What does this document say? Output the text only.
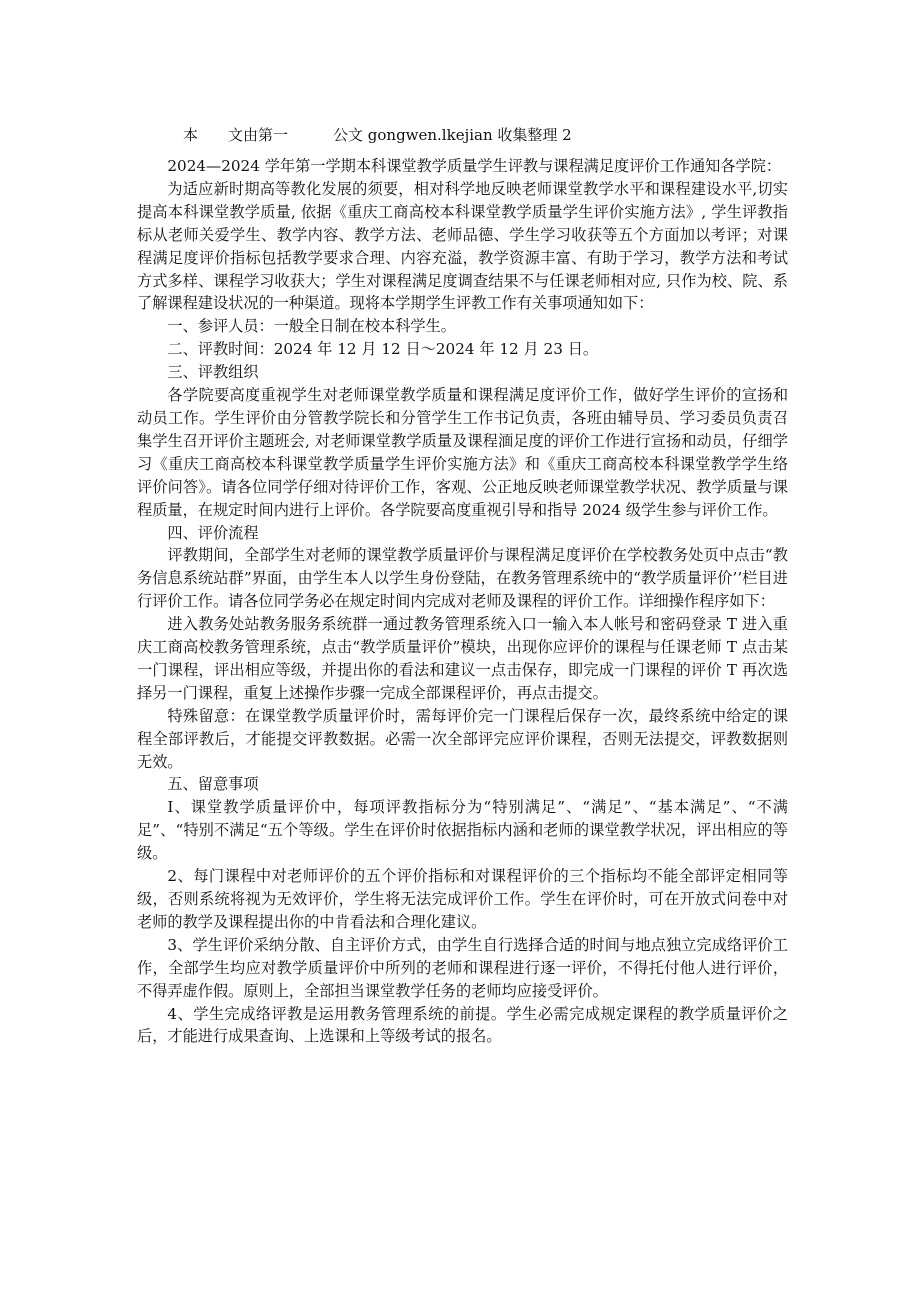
本　　文由第一　　　公文 gongwen.lkejian 收集整理 2

2024—2024 学年第一学期本科课堂教学质量学生评教与课程满足度评价工作通知各学院：

为适应新时期高等教化发展的须要，相对科学地反映老师课堂教学水平和课程建设水平,切实提高本科课堂教学质量, 依据《重庆工商高校本科课堂教学质量学生评价实施方法》, 学生评教指标从老师关爱学生、教学内容、教学方法、老师品德、学生学习收获等五个方面加以考评；对课程满足度评价指标包括教学要求合理、内容充溢，教学资源丰富、有助于学习，教学方法和考试方式多样、课程学习收获大；学生对课程满足度调查结果不与任课老师相对应, 只作为校、院、系了解课程建设状况的一种渠道。现将本学期学生评教工作有关事项通知如下：

一、参评人员：一般全日制在校本科学生。

二、评教时间：2024 年 12 月 12 日～2024 年 12 月 23 日。

三、评教组织

各学院要高度重视学生对老师课堂教学质量和课程满足度评价工作，做好学生评价的宣扬和动员工作。学生评价由分管教学院长和分管学生工作书记负责，各班由辅导员、学习委员负责召集学生召开评价主题班会, 对老师课堂教学质量及课程湎足度的评价工作进行宣扬和动员，仔细学习《重庆工商高校本科课堂教学质量学生评价实施方法》和《重庆工商高校本科课堂教学学生络评价问答》。请各位同学仔细对待评价工作，客观、公正地反映老师课堂教学状况、教学质量与课程质量，在规定时间内进行上评价。各学院要高度重视引导和指导 2024 级学生参与评价工作。

四、评价流程

评教期间，全部学生对老师的课堂教学质量评价与课程满足度评价在学校教务处页中点击“教务信息系统站群”界面，由学生本人以学生身份登陆，在教务管理系统中的“教学质量评价’’栏目进行评价工作。请各位同学务必在规定时间内完成对老师及课程的评价工作。详细操作程序如下：

进入教务处站教务服务系统群一通过教务管理系统入口一输入本人帐号和密码登录 T 进入重庆工商高校教务管理系统，点击“教学质量评价”模块，出现你应评价的课程与任课老师 T 点击某一门课程，评出相应等级，并提出你的看法和建议一点击保存，即完成一门课程的评价 T 再次选择另一门课程，重复上述操作步骤一完成全部课程评价，再点击提交。

特殊留意：在课堂教学质量评价时，需每评价完一门课程后保存一次，最终系统中给定的课程全部评教后，才能提交评教数据。必需一次全部评完应评价课程，否则无法提交，评教数据则无效。

五、留意事项

I、课堂教学质量评价中，每项评教指标分为“特别满足”、“满足”、“基本满足”、“不满足”、“特别不满足“五个等级。学生在评价时依据指标内涵和老师的课堂教学状况，评出相应的等级。

2、每门课程中对老师评价的五个评价指标和对课程评价的三个指标均不能全部评定相同等级，否则系统将视为无效评价，学生将无法完成评价工作。学生在评价时，可在开放式问卷中对老师的教学及课程提出你的中肯看法和合理化建议。

3、学生评价采纳分散、自主评价方式，由学生自行选择合适的时间与地点独立完成络评价工作，全部学生均应对教学质量评价中所列的老师和课程进行逐一评价，不得托付他人进行评价，不得弄虚作假。原则上，全部担当课堂教学任务的老师均应接受评价。

4、学生完成络评教是运用教务管理系统的前提。学生必需完成规定课程的教学质量评价之后，才能进行成果查询、上选课和上等级考试的报名。
